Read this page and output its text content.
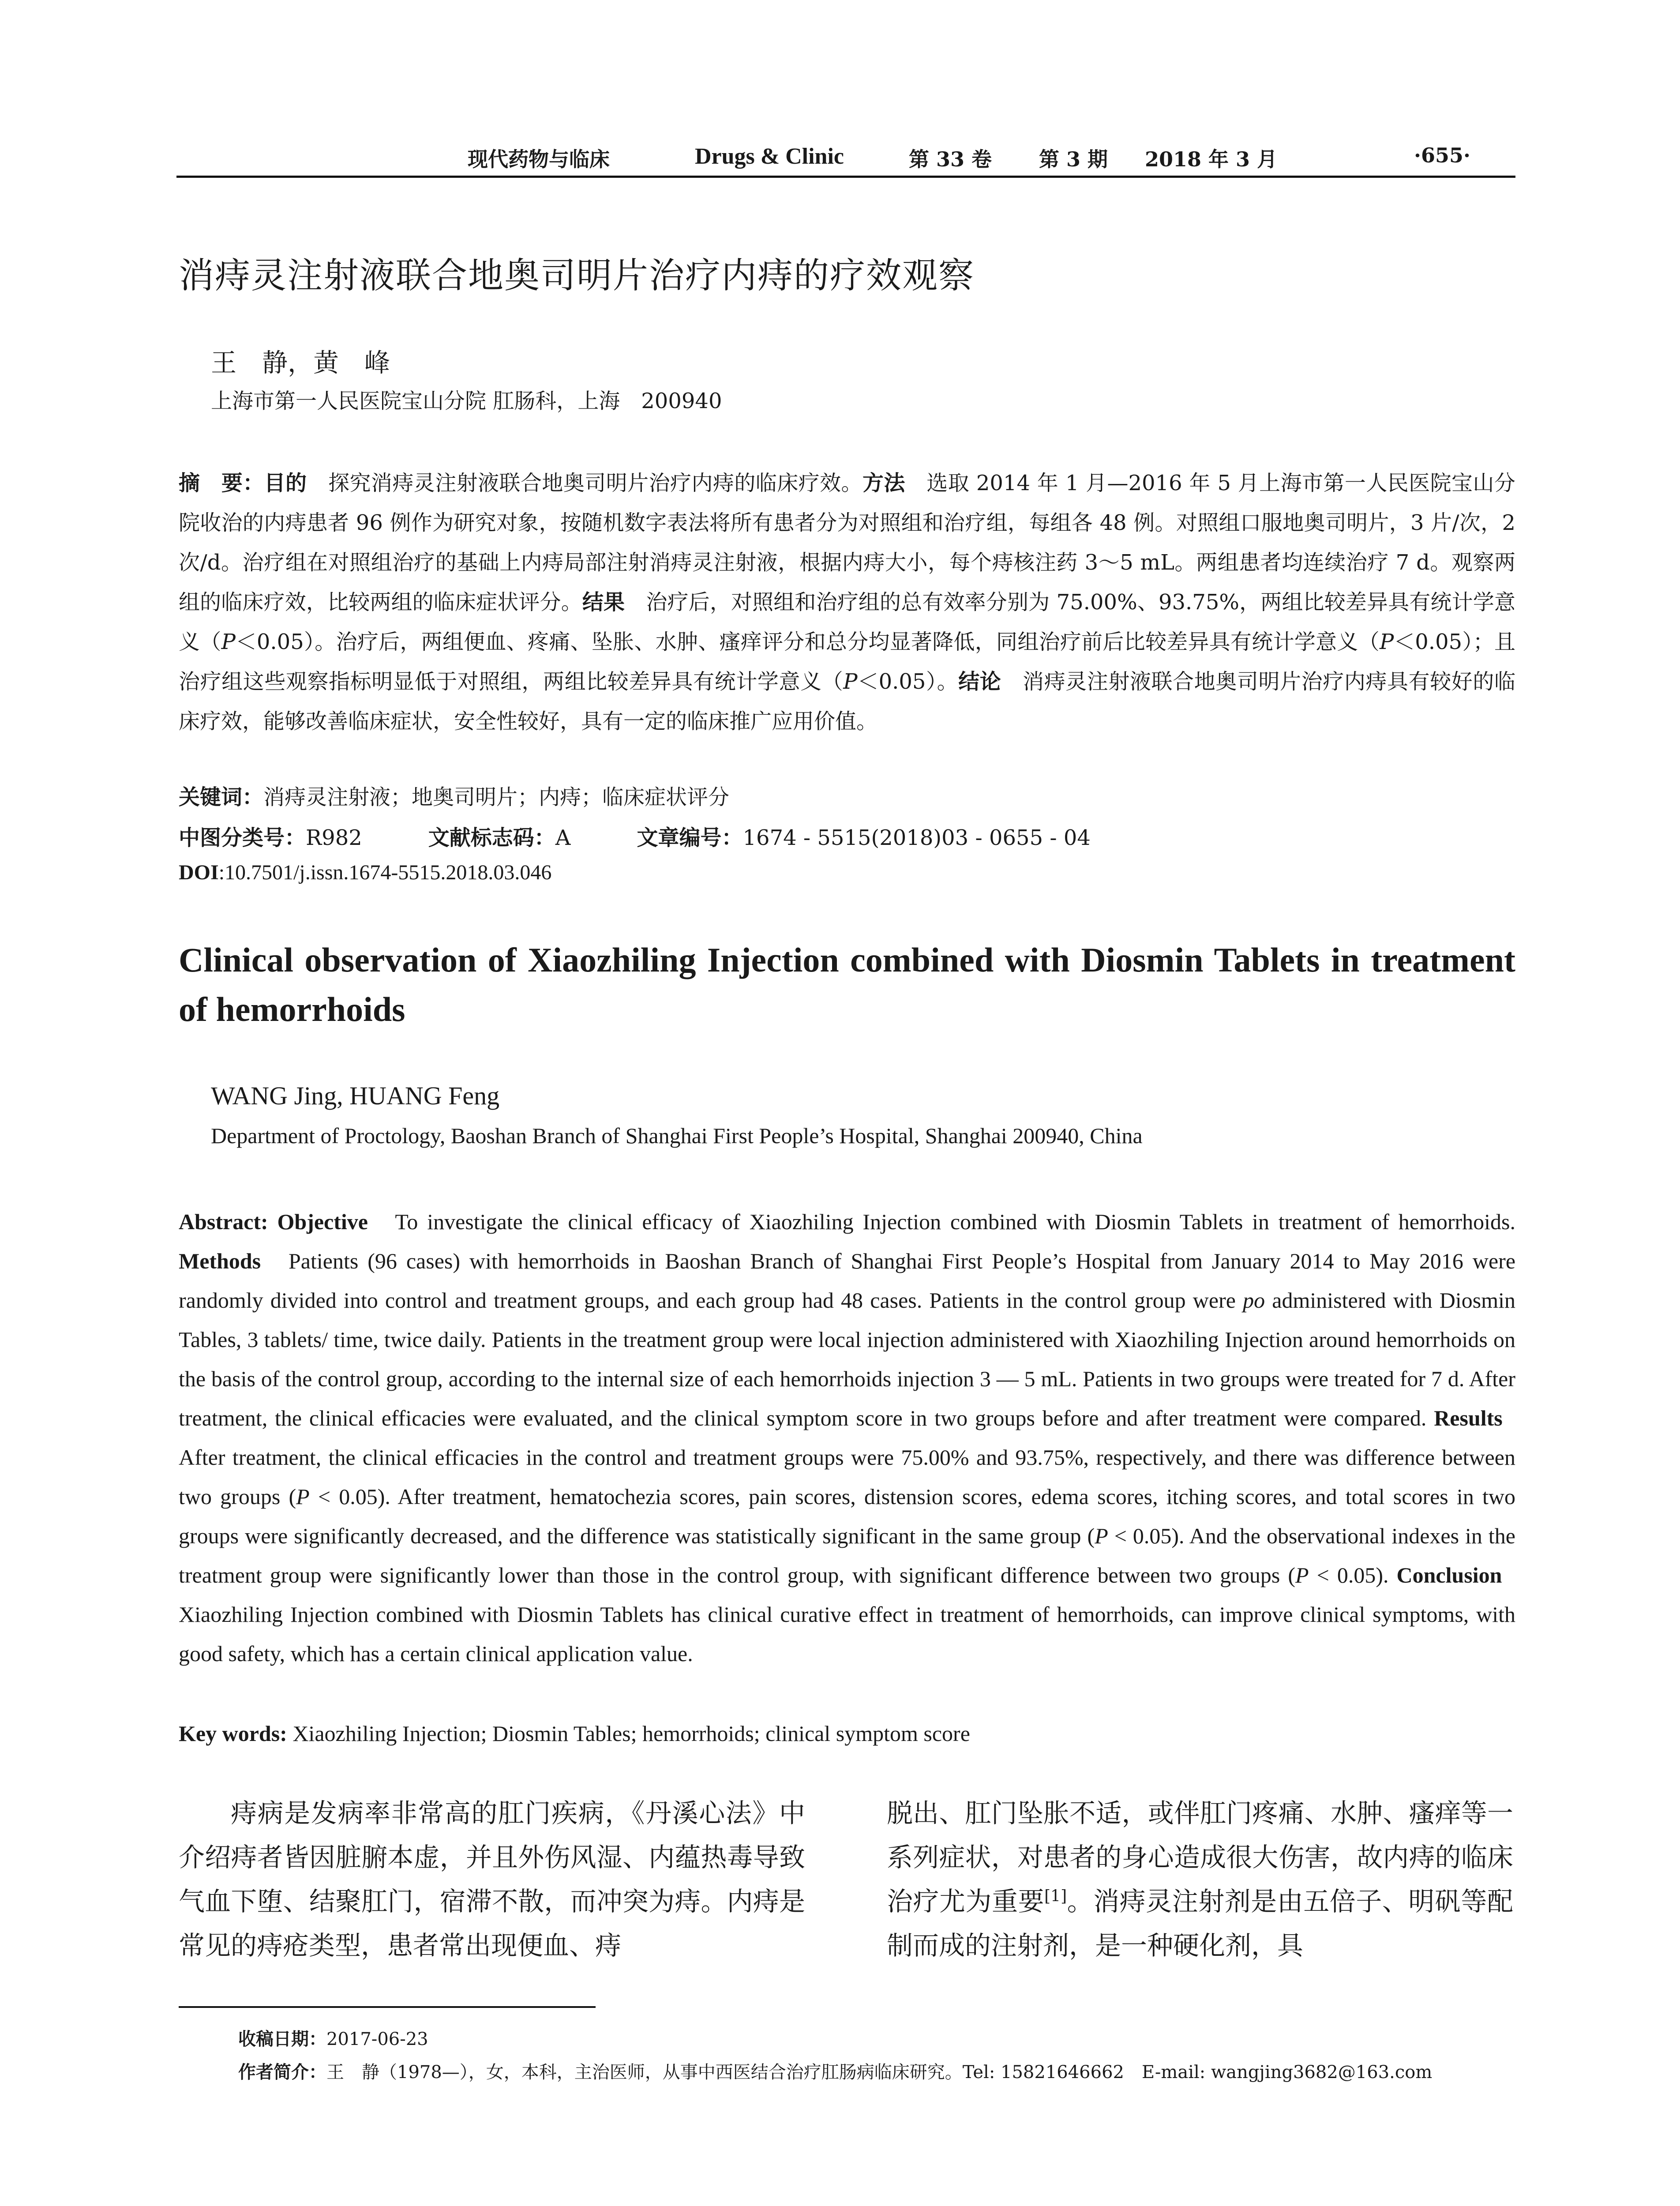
现代药物与临床	Drugs & Clinic	第 33 卷 第 3 期 2018 年 3 月	·655·
消痔灵注射液联合地奥司明片治疗内痔的疗效观察
王　静，黄　峰
上海市第一人民医院宝山分院 肛肠科，上海　200940
摘　要：目的　 探究消痔灵注射液联合地奥司明片治疗内痔的临床疗效。方法　 选取 2014 年 1 月—2016 年 5 月上海市第一人民医院宝山分院收治的内痔患者 96 例作为研究对象，按随机数字表法将所有患者分为对照组和治疗组，每组各 48 例。对照组口服地奥司明片，3 片/次，2 次/d。治疗组在对照组治疗的基础上内痔局部注射消痔灵注射液，根据内痔大小，每个痔核注药 3～5 mL。两组患者均连续治疗 7 d。观察两组的临床疗效，比较两组的临床症状评分。结果　 治疗后，对照组和治疗组的总有效率分别为 75.00%、93.75%，两组比较差异具有统计学意义（P＜0.05）。治疗后，两组便血、疼痛、坠胀、水肿、瘙痒评分和总分均显著降低，同组治疗前后比较差异具有统计学意义（P＜0.05）；且治疗组这些观察指标明显低于对照组，两组比较差异具有统计学意义（P＜0.05）。结论　 消痔灵注射液联合地奥司明片治疗内痔具有较好的临床疗效，能够改善临床症状，安全性较好，具有一定的临床推广应用价值。
关键词：消痔灵注射液；地奥司明片；内痔；临床症状评分
中图分类号：R982	文献标志码：A	文章编号：1674 - 5515(2018)03 - 0655 - 04
DOI:10.7501/j.issn.1674-5515.2018.03.046
Clinical observation of Xiaozhiling Injection combined with Diosmin Tablets in treatment of hemorrhoids
WANG Jing, HUANG Feng
Department of Proctology, Baoshan Branch of Shanghai First People’s Hospital, Shanghai 200940, China
Abstract: Objective To investigate the clinical efficacy of Xiaozhiling Injection combined with Diosmin Tablets in treatment of hemorrhoids. Methods Patients (96 cases) with hemorrhoids in Baoshan Branch of Shanghai First People’s Hospital from January 2014 to May 2016 were randomly divided into control and treatment groups, and each group had 48 cases. Patients in the control group were po administered with Diosmin Tables, 3 tablets/ time, twice daily. Patients in the treatment group were local injection administered with Xiaozhiling Injection around hemorrhoids on the basis of the control group, according to the internal size of each hemorrhoids injection 3 — 5 mL. Patients in two groups were treated for 7 d. After treatment, the clinical efficacies were evaluated, and the clinical symptom score in two groups before and after treatment were compared. Results   After treatment, the clinical efficacies in the control and treatment groups were 75.00% and 93.75%, respectively, and there was difference between two groups (P < 0.05). After treatment, hematochezia scores, pain scores, distension scores, edema scores, itching scores, and total scores in two groups were significantly decreased, and the difference was statistically significant in the same group (P < 0.05). And the observational indexes in the treatment group were significantly lower than those in the control group, with significant difference between two groups (P < 0.05). Conclusion   Xiaozhiling Injection combined with Diosmin Tablets has clinical curative effect in treatment of hemorrhoids, can improve clinical symptoms, with good safety, which has a certain clinical application value.
Key words: Xiaozhiling Injection; Diosmin Tables; hemorrhoids; clinical symptom score
痔病是发病率非常高的肛门疾病，《丹溪心法》中介绍痔者皆因脏腑本虚，并且外伤风湿、内蕴热毒导致气血下堕、结聚肛门，宿滞不散，而冲突为痔。内痔是常见的痔疮类型，患者常出现便血、痔
脱出、肛门坠胀不适，或伴肛门疼痛、水肿、瘙痒等一系列症状，对患者的身心造成很大伤害，故内痔的临床治疗尤为重要[1]。消痔灵注射剂是由五倍子、明矾等配制而成的注射剂，是一种硬化剂，具
收稿日期：2017-06-23
作者简介：王　静（1978—），女，本科，主治医师，从事中西医结合治疗肛肠病临床研究。Tel: 15821646662　E-mail: wangjing3682@163.com
